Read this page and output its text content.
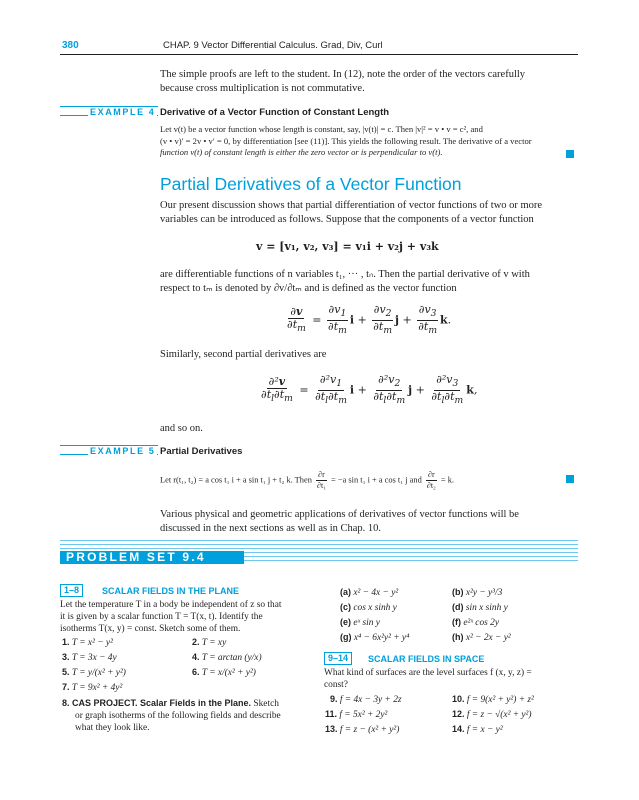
380	CHAP. 9 Vector Differential Calculus. Grad, Div, Curl
The simple proofs are left to the student. In (12), note the order of the vectors carefully
because cross multiplication is not commutative.
EXAMPLE 4 Derivative of a Vector Function of Constant Length
Let v(t) be a vector function whose length is constant, say, |v(t)| = c. Then |v|² = v • v = c², and
(v • v)′ = 2v • v′ = 0, by differentiation [see (11)]. This yields the following result. The derivative of a vector
function v(t) of constant length is either the zero vector or is perpendicular to v(t).
Partial Derivatives of a Vector Function
Our present discussion shows that partial differentiation of vector functions of two or more
variables can be introduced as follows. Suppose that the components of a vector function
v = [v₁, v₂, v₃] = v₁i + v₂j + v₃k
are differentiable functions of n variables t₁, ··· , tₙ. Then the partial derivative of v with
respect to tₘ is denoted by ∂v/∂tₘ and is defined as the vector function
$\frac{\partial v}{\partial t_m} = \frac{\partial v_1}{\partial t_m}$ $i + \frac{\partial v_2}{\partial t_m}$ $j + \frac{\partial v_3}{\partial t_m} k$.
Similarly, second partial derivatives are
$\frac{\text{∂²v}}{\partial t_l\partial t_m} = \frac{\partial^2v_1}{\partial t_l\partial t_m}$ $i + \frac{\partial^2v_2}{\partial t_l\partial t_m}$ $j + \frac{\partial^2v_3}{\partial t_l\partial t_m} k$,
and so on.
EXAMPLE 5 Partial Derivatives
Let r(t₁, t₂) = a cos t₁ i + a sin t₁ j + t₂ k. Then $\frac{\partial r}{\text{∂t₁}} = -a$ sin t₁ i + a cos t₁ j and $\frac{\partial r}{\text{∂t₂}} = k$.
Various physical and geometric applications of derivatives of vector functions will be
discussed in the next sections as well as in Chap. 10.
PROBLEM SET 9.4
1–8	SCALAR FIELDS IN THE PLANE
Let the temperature T in a body be independent of z so that
it is given by a scalar function T = T(x, t). Identify the
isotherms T(x, y) = const. Sketch some of them.
1. T = x² − y²	2. T = xy
3. T = 3x − 4y	4. T = arctan (y/x)
5. T = y/(x² + y²)	6. T = x/(x² + y²)
7. T = 9x² + 4y²
8. CAS PROJECT. Scalar Fields in the Plane. Sketch
or graph isotherms of the following fields and describe
what they look like.
(a) x² − 4x − y²	(b) x²y − y³/3
(c) cos x sinh y	(d) sin x sinh y
(e) eˣ sin y	(f) e²ˣ cos 2y
(g) x⁴ − 6x²y² + y⁴	(h) x² − 2x − y²
9–14	SCALAR FIELDS IN SPACE
What kind of surfaces are the level surfaces f (x, y, z) =
const?
9. f = 4x − 3y + 2z	10. f = 9(x² + y²) + z²
11. f = 5x² + 2y²	12. f = z − √(x² + y²)
13. f = z − (x² + y²)	14. f = x − y²
